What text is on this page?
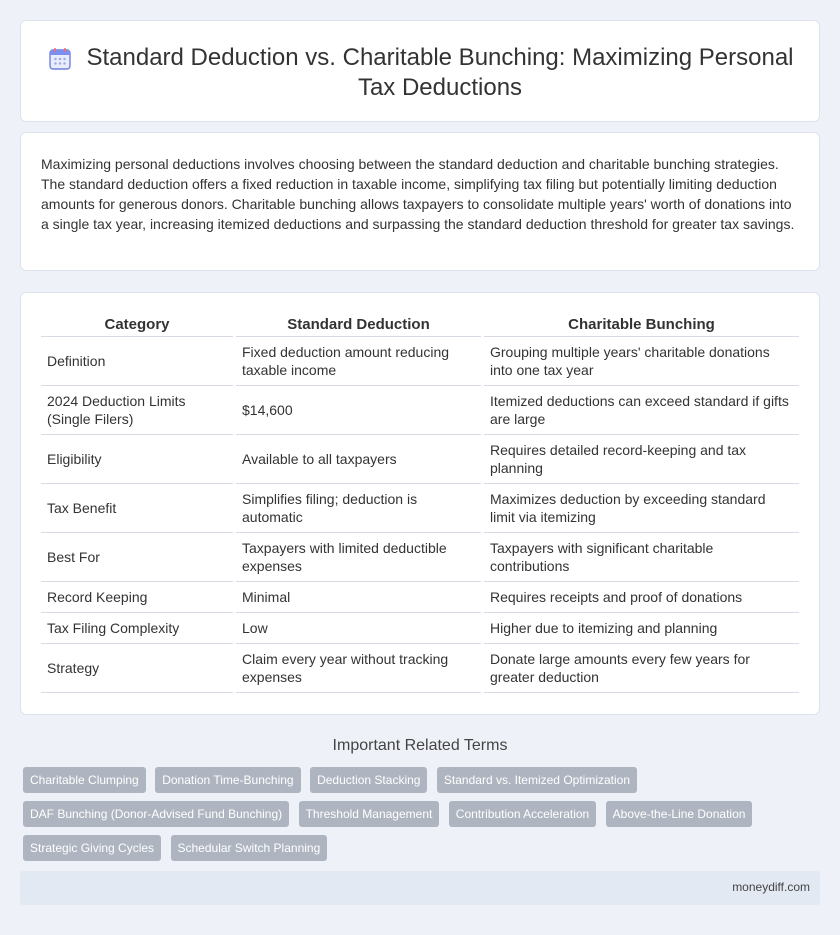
Standard Deduction vs. Charitable Bunching: Maximizing Personal Tax Deductions

Maximizing personal deductions involves choosing between the standard deduction and charitable bunching strategies. The standard deduction offers a fixed reduction in taxable income, simplifying tax filing but potentially limiting deduction amounts for generous donors. Charitable bunching allows taxpayers to consolidate multiple years' worth of donations into a single tax year, increasing itemized deductions and surpassing the standard deduction threshold for greater tax savings.

Category	Standard Deduction	Charitable Bunching
Definition	Fixed deduction amount reducing taxable income	Grouping multiple years' charitable donations into one tax year
2024 Deduction Limits (Single Filers)	$14,600	Itemized deductions can exceed standard if gifts are large
Eligibility	Available to all taxpayers	Requires detailed record-keeping and tax planning
Tax Benefit	Simplifies filing; deduction is automatic	Maximizes deduction by exceeding standard limit via itemizing
Best For	Taxpayers with limited deductible expenses	Taxpayers with significant charitable contributions
Record Keeping	Minimal	Requires receipts and proof of donations
Tax Filing Complexity	Low	Higher due to itemizing and planning
Strategy	Claim every year without tracking expenses	Donate large amounts every few years for greater deduction
Important Related Terms
Charitable Clumping Donation Time-Bunching Deduction Stacking Standard vs. Itemized Optimization DAF Bunching (Donor-Advised Fund Bunching) Threshold Management Contribution Acceleration Above-the-Line Donation Strategic Giving Cycles Schedular Switch Planning
moneydiff.com
